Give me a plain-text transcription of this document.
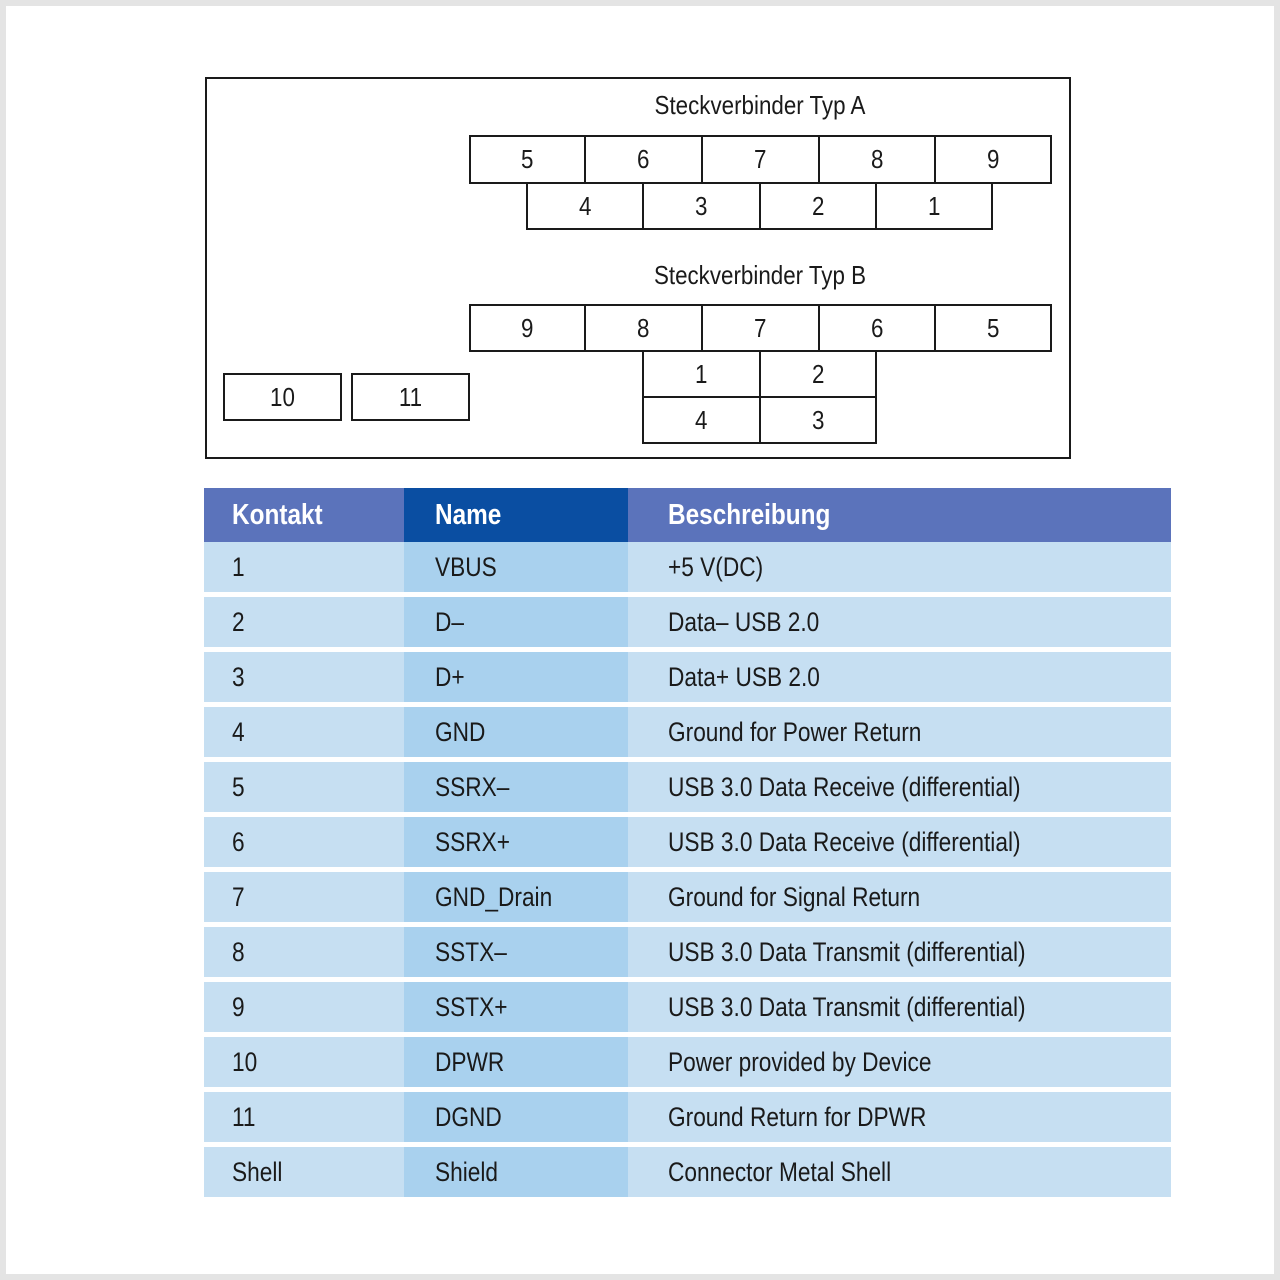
Steckverbinder Typ A
5	6	7	8	9
4	3	2	1
Steckverbinder Typ B
9	8	7	6	5
1	2
4	3
10	11
Kontakt	Name	Beschreibung
1	VBUS	+5 V(DC)
2	D–	Data– USB 2.0
3	D+	Data+ USB 2.0
4	GND	Ground for Power Return
5	SSRX–	USB 3.0 Data Receive (differential)
6	SSRX+	USB 3.0 Data Receive (differential)
7	GND_Drain	Ground for Signal Return
8	SSTX–	USB 3.0 Data Transmit (differential)
9	SSTX+	USB 3.0 Data Transmit (differential)
10	DPWR	Power provided by Device
11	DGND	Ground Return for DPWR
Shell	Shield	Connector Metal Shell
